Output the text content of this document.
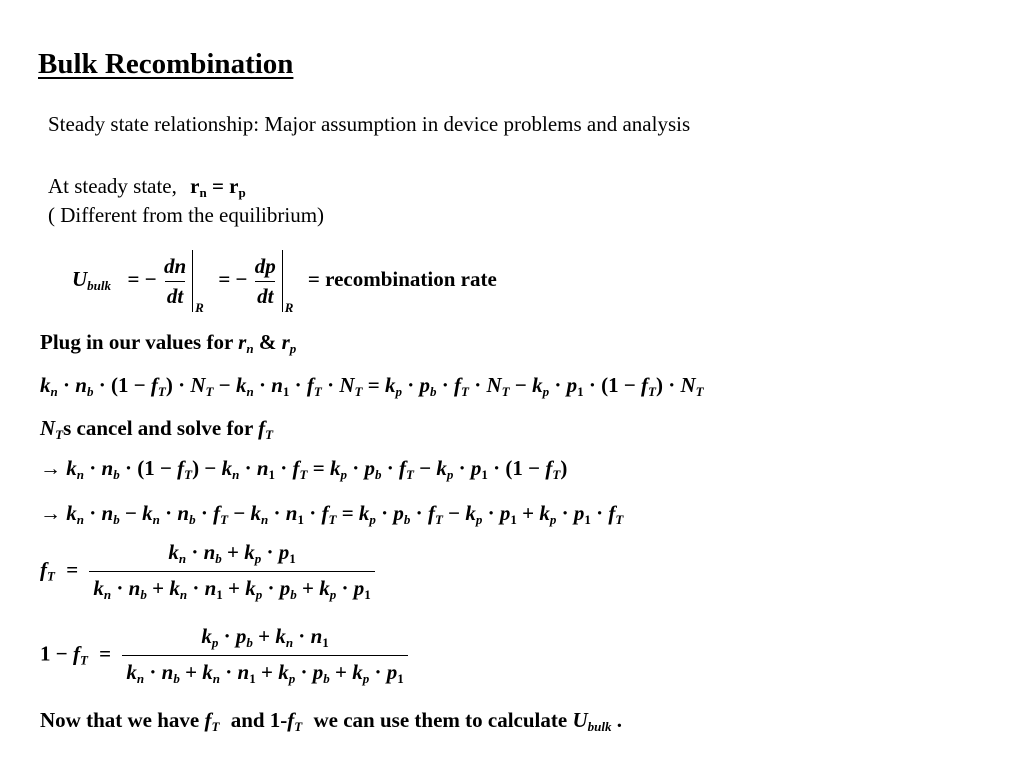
Bulk Recombination
Steady state relationship: Major assumption in device problems and analysis
At steady state, $r_n = r_p$
( Different from the equilibrium)
$U_{bulk}$  = − $\frac{dn}{dt} _R$  = − $\frac{dp}{dt} _R$  = recombination rate
Plug in our values for $r_n$ & $r_p$
$k_n \cdot n_b \cdot (1 - f_T) \cdot N_T - k_n \cdot n_1 \cdot f_T \cdot N_T = k_p \cdot p_b \cdot f_T \cdot N_T - k_p \cdot p_1 \cdot (1 - f_T) \cdot N_T$
$N_Ts$ cancel and solve for $f_T$
→ $k_n \cdot n_b \cdot (1 - f_T) - k_n \cdot n_1 \cdot f_T = k_p \cdot p_b \cdot f_T - k_p \cdot p_1 \cdot (1 - f_T)$
→ $k_n \cdot n_b - k_n \cdot n_b \cdot f_T - k_n \cdot n_1 \cdot f_T = k_p \cdot p_b \cdot f_T - k_p \cdot p_1 + k_p \cdot p_1 \cdot f_T$
$f_T = \frac{k_n \cdot n_b + k_p \cdot p_1}{k_n \cdot n_b + k_n \cdot n_1 + k_p \cdot p_b + k_p \cdot p_1}$
$1 - f_T = \frac{k_p \cdot p_b + k_n \cdot n_1}{k_n \cdot n_b + k_n \cdot n_1 + k_p \cdot p_b + k_p \cdot p_1}$
Now that we have $f_T$ and $1-f_T$ we can use them to calculate $U_{bulk}$ .
